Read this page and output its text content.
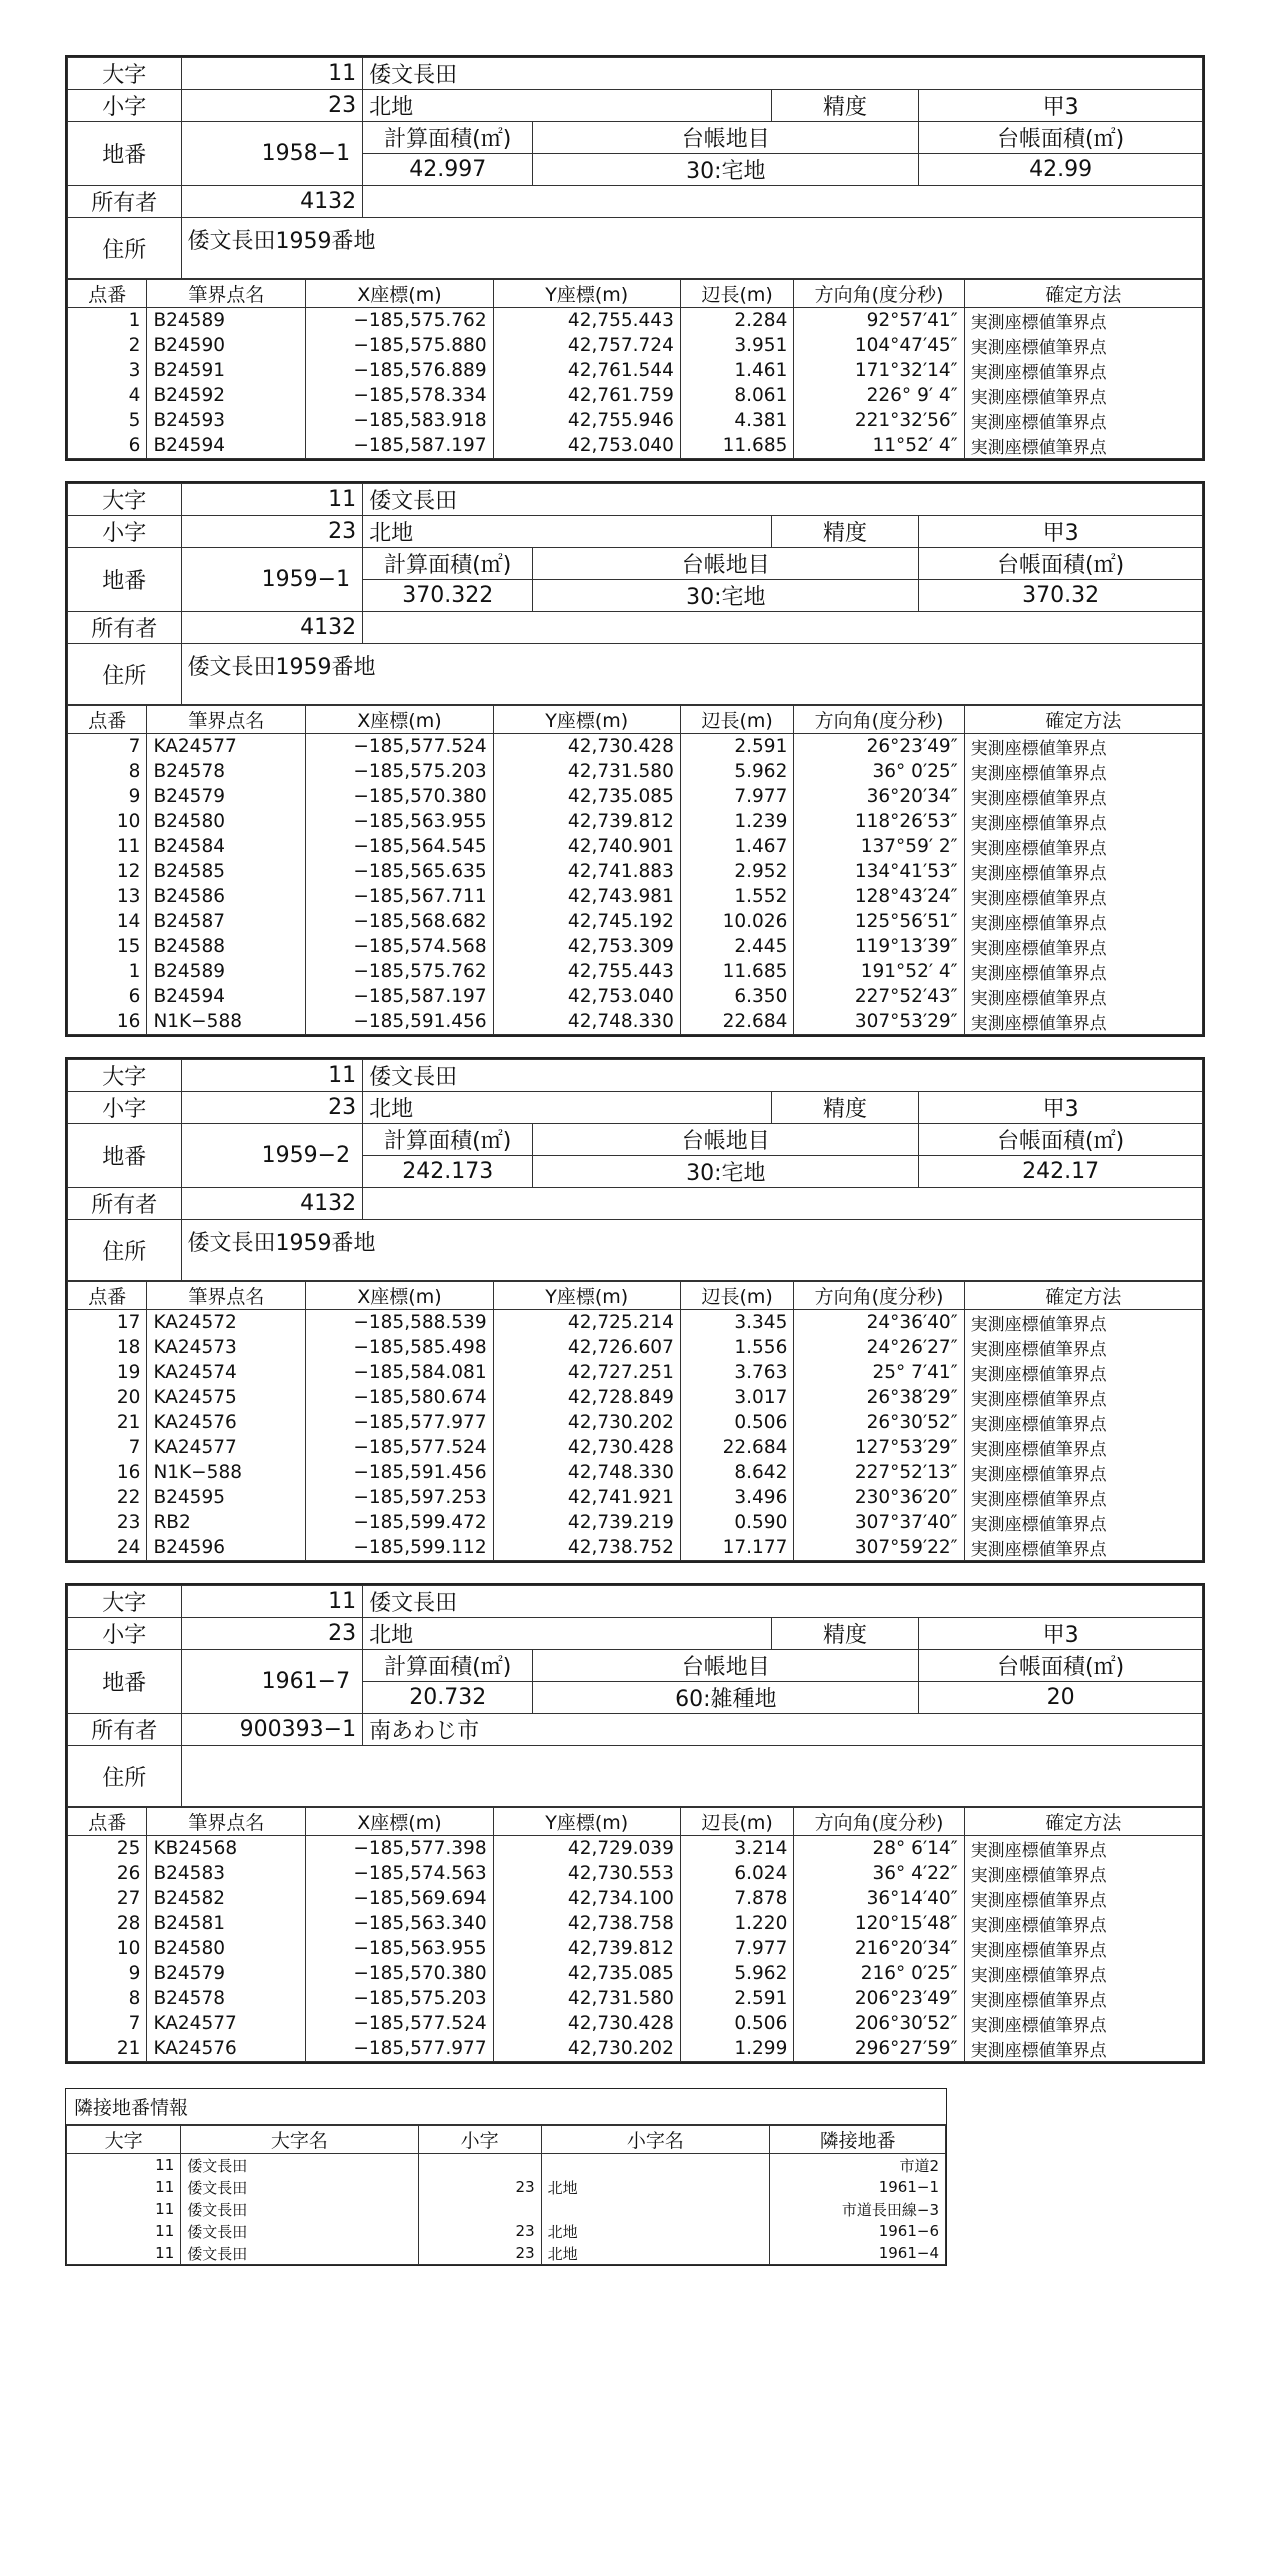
大字	11	倭文長田			
小字	23	北地		精度	甲3
地番	1958−1	計算面積(㎡)	台帳地目		台帳面積(㎡)
		42.997	30:宅地		42.99
所有者	4132				
住所	倭文長田1959番地				
点番	筆界点名	X座標(m)	Y座標(m)	辺長(m)	方向角(度分秒)	確定方法
1	B24589	−185,575.762	42,755.443	2.284	92°57′41″	実測座標値筆界点
2	B24590	−185,575.880	42,757.724	3.951	104°47′45″	実測座標値筆界点
3	B24591	−185,576.889	42,761.544	1.461	171°32′14″	実測座標値筆界点
4	B24592	−185,578.334	42,761.759	8.061	226° 9′ 4″	実測座標値筆界点
5	B24593	−185,583.918	42,755.946	4.381	221°32′56″	実測座標値筆界点
6	B24594	−185,587.197	42,753.040	11.685	11°52′ 4″	実測座標値筆界点
大字	11	倭文長田			
小字	23	北地		精度	甲3
地番	1959−1	計算面積(㎡)	台帳地目		台帳面積(㎡)
		370.322	30:宅地		370.32
所有者	4132				
住所	倭文長田1959番地				
点番	筆界点名	X座標(m)	Y座標(m)	辺長(m)	方向角(度分秒)	確定方法
7	KA24577	−185,577.524	42,730.428	2.591	26°23′49″	実測座標値筆界点
8	B24578	−185,575.203	42,731.580	5.962	36° 0′25″	実測座標値筆界点
9	B24579	−185,570.380	42,735.085	7.977	36°20′34″	実測座標値筆界点
10	B24580	−185,563.955	42,739.812	1.239	118°26′53″	実測座標値筆界点
11	B24584	−185,564.545	42,740.901	1.467	137°59′ 2″	実測座標値筆界点
12	B24585	−185,565.635	42,741.883	2.952	134°41′53″	実測座標値筆界点
13	B24586	−185,567.711	42,743.981	1.552	128°43′24″	実測座標値筆界点
14	B24587	−185,568.682	42,745.192	10.026	125°56′51″	実測座標値筆界点
15	B24588	−185,574.568	42,753.309	2.445	119°13′39″	実測座標値筆界点
1	B24589	−185,575.762	42,755.443	11.685	191°52′ 4″	実測座標値筆界点
6	B24594	−185,587.197	42,753.040	6.350	227°52′43″	実測座標値筆界点
16	N1K−588	−185,591.456	42,748.330	22.684	307°53′29″	実測座標値筆界点
大字	11	倭文長田			
小字	23	北地		精度	甲3
地番	1959−2	計算面積(㎡)	台帳地目		台帳面積(㎡)
		242.173	30:宅地		242.17
所有者	4132				
住所	倭文長田1959番地				
点番	筆界点名	X座標(m)	Y座標(m)	辺長(m)	方向角(度分秒)	確定方法
17	KA24572	−185,588.539	42,725.214	3.345	24°36′40″	実測座標値筆界点
18	KA24573	−185,585.498	42,726.607	1.556	24°26′27″	実測座標値筆界点
19	KA24574	−185,584.081	42,727.251	3.763	25° 7′41″	実測座標値筆界点
20	KA24575	−185,580.674	42,728.849	3.017	26°38′29″	実測座標値筆界点
21	KA24576	−185,577.977	42,730.202	0.506	26°30′52″	実測座標値筆界点
7	KA24577	−185,577.524	42,730.428	22.684	127°53′29″	実測座標値筆界点
16	N1K−588	−185,591.456	42,748.330	8.642	227°52′13″	実測座標値筆界点
22	B24595	−185,597.253	42,741.921	3.496	230°36′20″	実測座標値筆界点
23	RB2	−185,599.472	42,739.219	0.590	307°37′40″	実測座標値筆界点
24	B24596	−185,599.112	42,738.752	17.177	307°59′22″	実測座標値筆界点
大字	11	倭文長田			
小字	23	北地		精度	甲3
地番	1961−7	計算面積(㎡)	台帳地目		台帳面積(㎡)
		20.732	60:雑種地		20
所有者	900393−1	南あわじ市			
住所					
点番	筆界点名	X座標(m)	Y座標(m)	辺長(m)	方向角(度分秒)	確定方法
25	KB24568	−185,577.398	42,729.039	3.214	28° 6′14″	実測座標値筆界点
26	B24583	−185,574.563	42,730.553	6.024	36° 4′22″	実測座標値筆界点
27	B24582	−185,569.694	42,734.100	7.878	36°14′40″	実測座標値筆界点
28	B24581	−185,563.340	42,738.758	1.220	120°15′48″	実測座標値筆界点
10	B24580	−185,563.955	42,739.812	7.977	216°20′34″	実測座標値筆界点
9	B24579	−185,570.380	42,735.085	5.962	216° 0′25″	実測座標値筆界点
8	B24578	−185,575.203	42,731.580	2.591	206°23′49″	実測座標値筆界点
7	KA24577	−185,577.524	42,730.428	0.506	206°30′52″	実測座標値筆界点
21	KA24576	−185,577.977	42,730.202	1.299	296°27′59″	実測座標値筆界点
隣接地番情報
大字	大字名	小字	小字名	隣接地番
11	倭文長田			市道2
11	倭文長田	23	北地	1961−1
11	倭文長田			市道長田線−3
11	倭文長田	23	北地	1961−6
11	倭文長田	23	北地	1961−4
